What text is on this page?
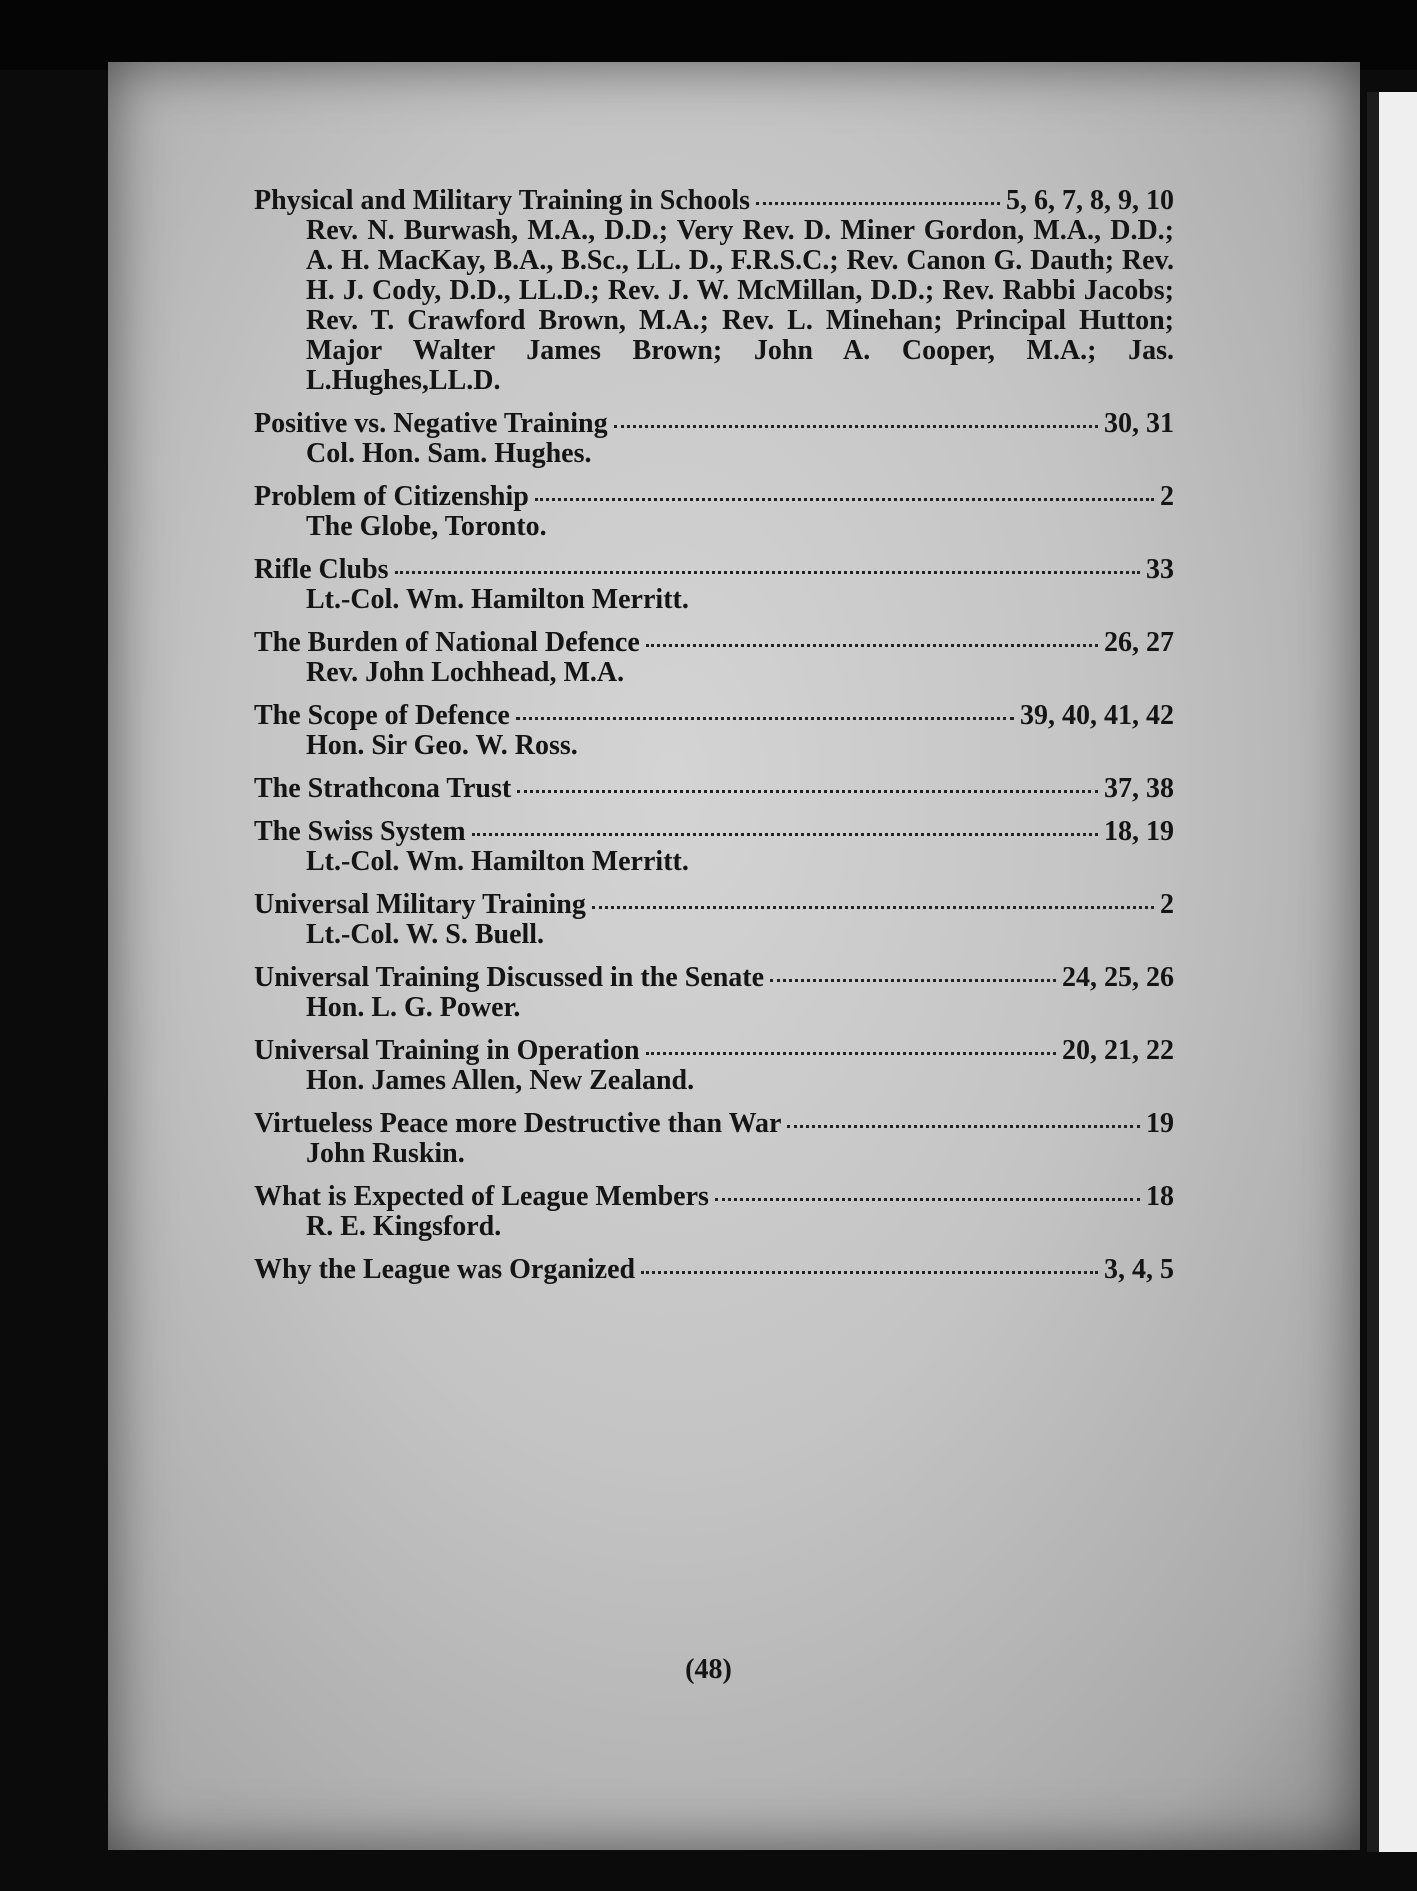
Physical and Military Training in Schools	5, 6, 7, 8, 9, 10
Rev. N. Burwash, M.A., D.D.; Very Rev. D. Miner Gordon, M.A., D.D.; A. H. MacKay, B.A., B.Sc., LL. D., F.R.S.C.; Rev. Canon G. Dauth; Rev. H. J. Cody, D.D., LL.D.; Rev. J. W. McMillan, D.D.; Rev. Rabbi Jacobs; Rev. T. Crawford Brown, M.A.; Rev. L. Minehan; Principal Hutton; Major Walter James Brown; John A. Cooper, M.A.; Jas. L.Hughes,LL.D.
Positive vs. Negative Training	30, 31
Col. Hon. Sam. Hughes.
Problem of Citizenship	2
The Globe, Toronto.
Rifle Clubs	33
Lt.-Col. Wm. Hamilton Merritt.
The Burden of National Defence	26, 27
Rev. John Lochhead, M.A.
The Scope of Defence	39, 40, 41, 42
Hon. Sir Geo. W. Ross.
The Strathcona Trust	37, 38
The Swiss System	18, 19
Lt.-Col. Wm. Hamilton Merritt.
Universal Military Training	2
Lt.-Col. W. S. Buell.
Universal Training Discussed in the Senate	24, 25, 26
Hon. L. G. Power.
Universal Training in Operation	20, 21, 22
Hon. James Allen, New Zealand.
Virtueless Peace more Destructive than War	19
John Ruskin.
What is Expected of League Members	18
R. E. Kingsford.
Why the League was Organized	3, 4, 5
(48)
